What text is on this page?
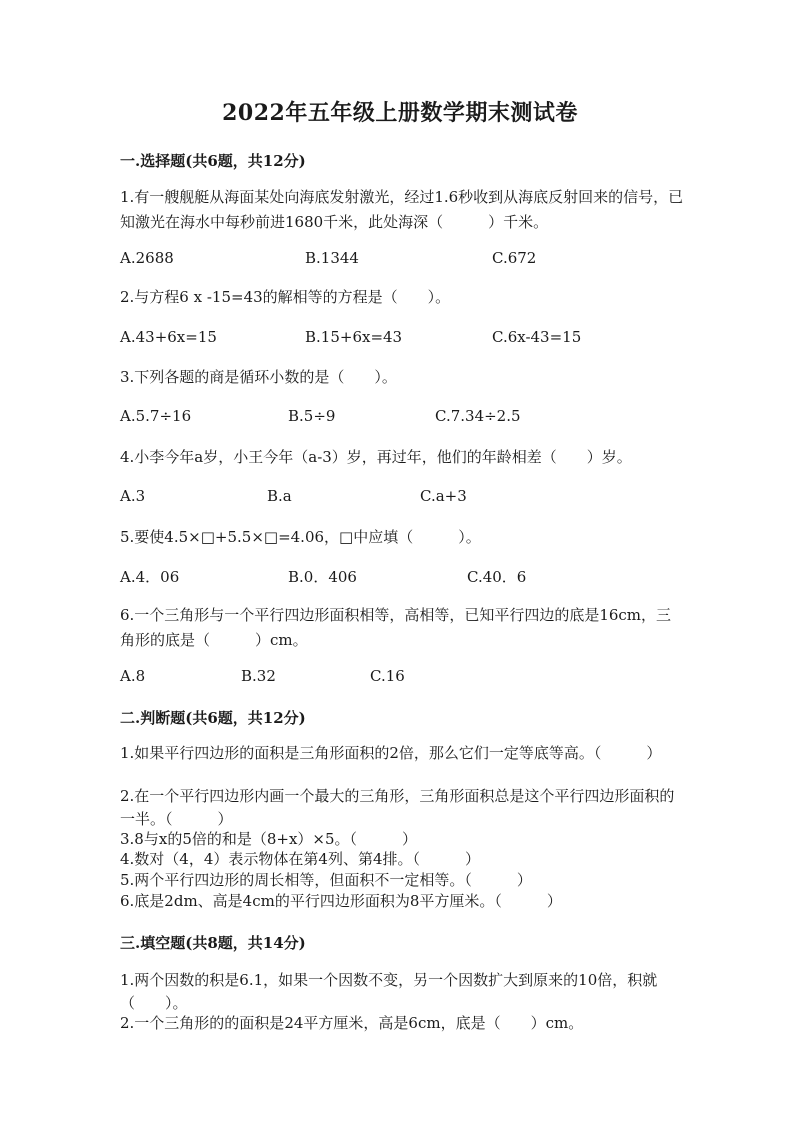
2022年五年级上册数学期末测试卷
一.选择题(共6题，共12分)
1.有一艘舰艇从海面某处向海底发射激光，经过1.6秒收到从海底反射回来的信号，已知激光在海水中每秒前进1680千米，此处海深（　　　）千米。
A.2688	B.1344	C.672
2.与方程6 x -15=43的解相等的方程是（　　）。
A.43+6x=15	B.15+6x=43	C.6x-43=15
3.下列各题的商是循环小数的是（　　）。
A.5.7÷16	B.5÷9	C.7.34÷2.5
4.小李今年a岁，小王今年（a-3）岁，再过年，他们的年龄相差（　　）岁。
A.3	B.a	C.a+3
5.要使4.5×□+5.5×□=4.06，□中应填（　　　）。
A.4．06	B.0．406	C.40．6
6.一个三角形与一个平行四边形面积相等，高相等，已知平行四边的底是16cm，三角形的底是（　　　）cm。
A.8	B.32	C.16
二.判断题(共6题，共12分)
1.如果平行四边形的面积是三角形面积的2倍，那么它们一定等底等高。（　　　）
2.在一个平行四边形内画一个最大的三角形，三角形面积总是这个平行四边形面积的一半。（　　　）
3.8与x的5倍的和是（8+x）×5。（　　　）
4.数对（4，4）表示物体在第4列、第4排。（　　　）
5.两个平行四边形的周长相等，但面积不一定相等。（　　　）
6.底是2dm、高是4cm的平行四边形面积为8平方厘米。（　　　）
三.填空题(共8题，共14分)
1.两个因数的积是6.1，如果一个因数不变，另一个因数扩大到原来的10倍，积就（　　）。
2.一个三角形的的面积是24平方厘米，高是6cm，底是（　　）cm。
